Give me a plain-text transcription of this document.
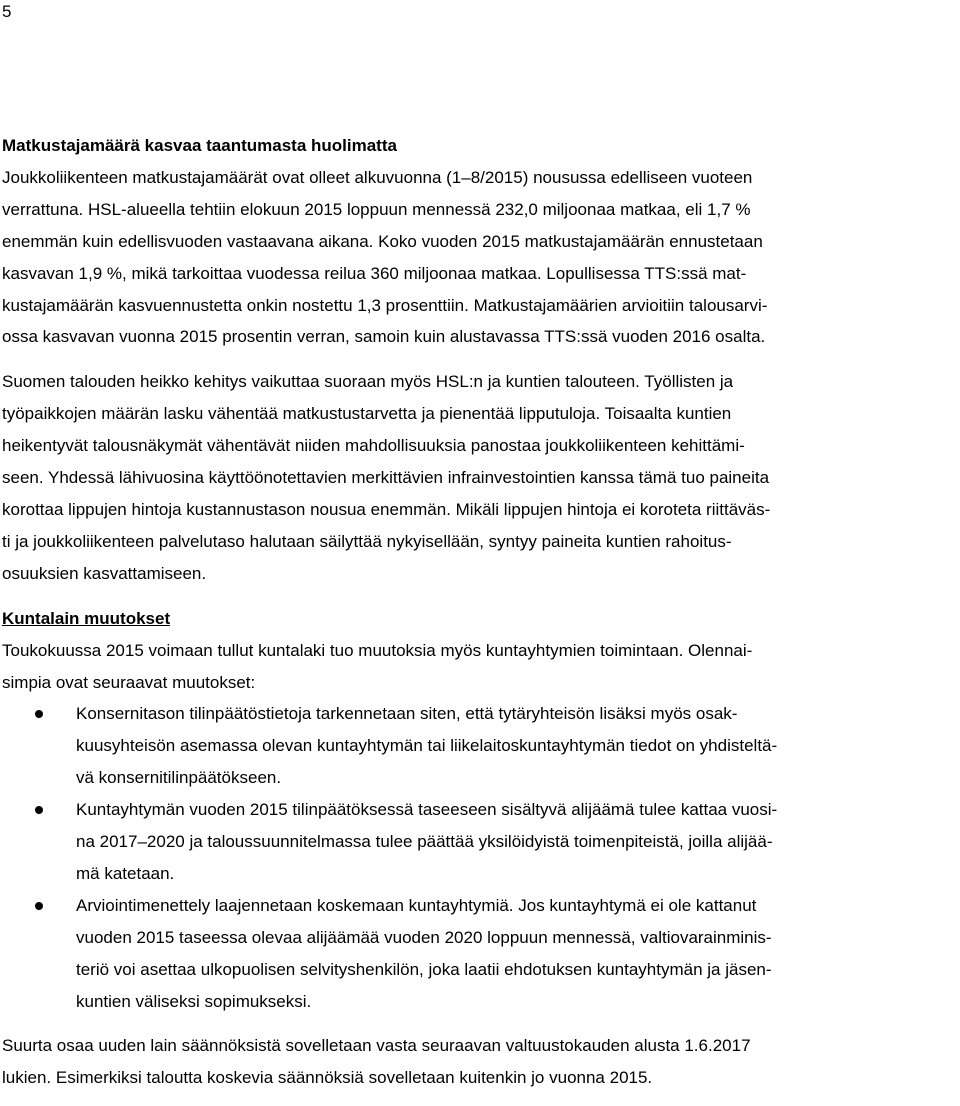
5
Matkustajamäärä kasvaa taantumasta huolimatta
Joukkoliikenteen matkustajamäärät ovat olleet alkuvuonna (1–8/2015) nousussa edelliseen vuoteen
verrattuna. HSL-alueella tehtiin elokuun 2015 loppuun mennessä 232,0 miljoonaa matkaa, eli 1,7 %
enemmän kuin edellisvuoden vastaavana aikana. Koko vuoden 2015 matkustajamäärän ennustetaan
kasvavan 1,9 %, mikä tarkoittaa vuodessa reilua 360 miljoonaa matkaa. Lopullisessa TTS:ssä mat-
kustajamäärän kasvuennustetta onkin nostettu 1,3 prosenttiin. Matkustajamäärien arvioitiin talousarvi-
ossa kasvavan vuonna 2015 prosentin verran, samoin kuin alustavassa TTS:ssä vuoden 2016 osalta.
Suomen talouden heikko kehitys vaikuttaa suoraan myös HSL:n ja kuntien talouteen. Työllisten ja
työpaikkojen määrän lasku vähentää matkustustarvetta ja pienentää lipputuloja. Toisaalta kuntien
heikentyvät talousnäkymät vähentävät niiden mahdollisuuksia panostaa joukkoliikenteen kehittämi-
seen. Yhdessä lähivuosina käyttöönotettavien merkittävien infrainvestointien kanssa tämä tuo paineita
korottaa lippujen hintoja kustannustason nousua enemmän. Mikäli lippujen hintoja ei koroteta riittäväs-
ti ja joukkoliikenteen palvelutaso halutaan säilyttää nykyisellään, syntyy paineita kuntien rahoitus-
osuuksien kasvattamiseen.
Kuntalain muutokset
Toukokuussa 2015 voimaan tullut kuntalaki tuo muutoksia myös kuntayhtymien toimintaan. Olennai-
simpia ovat seuraavat muutokset:
Konsernitason tilinpäätöstietoja tarkennetaan siten, että tytäryhteisön lisäksi myös osak-
kuusyhteisön asemassa olevan kuntayhtymän tai liikelaitoskuntayhtymän tiedot on yhdisteltä-
vä konsernitilinpäätökseen.
Kuntayhtymän vuoden 2015 tilinpäätöksessä taseeseen sisältyvä alijäämä tulee kattaa vuosi-
na 2017–2020 ja taloussuunnitelmassa tulee päättää yksilöidyistä toimenpiteistä, joilla alijää-
mä katetaan.
Arviointimenettely laajennetaan koskemaan kuntayhtymiä. Jos kuntayhtymä ei ole kattanut
vuoden 2015 taseessa olevaa alijäämää vuoden 2020 loppuun mennessä, valtiovarainminis-
teriö voi asettaa ulkopuolisen selvityshenkilön, joka laatii ehdotuksen kuntayhtymän ja jäsen-
kuntien väliseksi sopimukseksi.
Suurta osaa uuden lain säännöksistä sovelletaan vasta seuraavan valtuustokauden alusta 1.6.2017
lukien. Esimerkiksi taloutta koskevia säännöksiä sovelletaan kuitenkin jo vuonna 2015.
